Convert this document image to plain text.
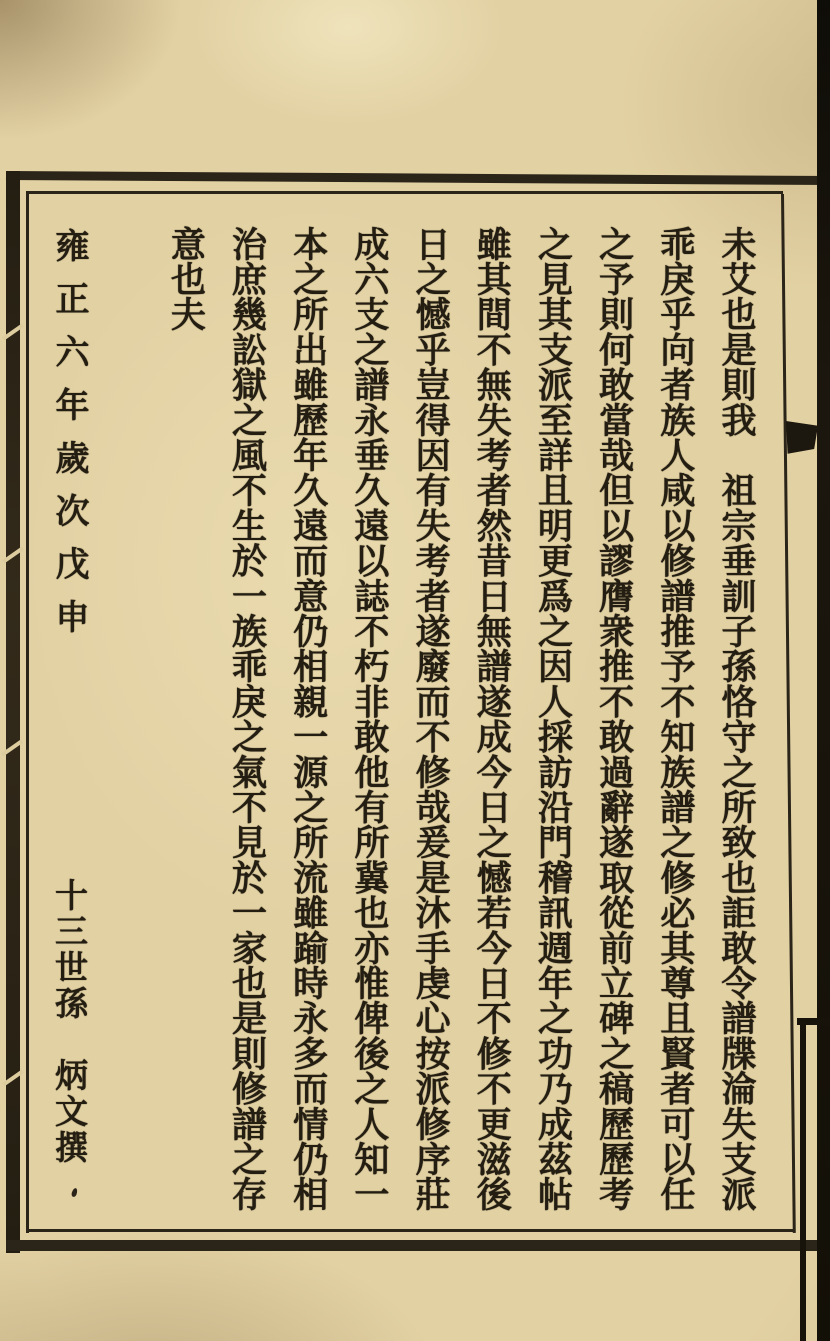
未艾也是則我　祖宗垂訓子孫恪守之所致也詎敢令譜牒淪失支派
乖戾乎向者族人咸以修譜推予不知族譜之修必其尊且賢者可以任
之予則何敢當哉但以謬膺衆推不敢過辭遂取從前立碑之稿歷歷考
之見其支派至詳且明更爲之因人採訪沿門稽訊週年之功乃成茲帖
雖其間不無失考者然昔日無譜遂成今日之憾若今日不修不更滋後
日之憾乎豈得因有失考者遂廢而不修哉爰是沐手虔心按派修序莊
成六支之譜永垂久遠以誌不朽非敢他有所冀也亦惟俾後之人知一
本之所出雖歷年久遠而意仍相親一源之所流雖踰時永多而情仍相
治庶幾訟獄之風不生於一族乖戾之氣不見於一家也是則修譜之存
意也夫
雍正六年歲次戊申
十三世孫　炳文撰
